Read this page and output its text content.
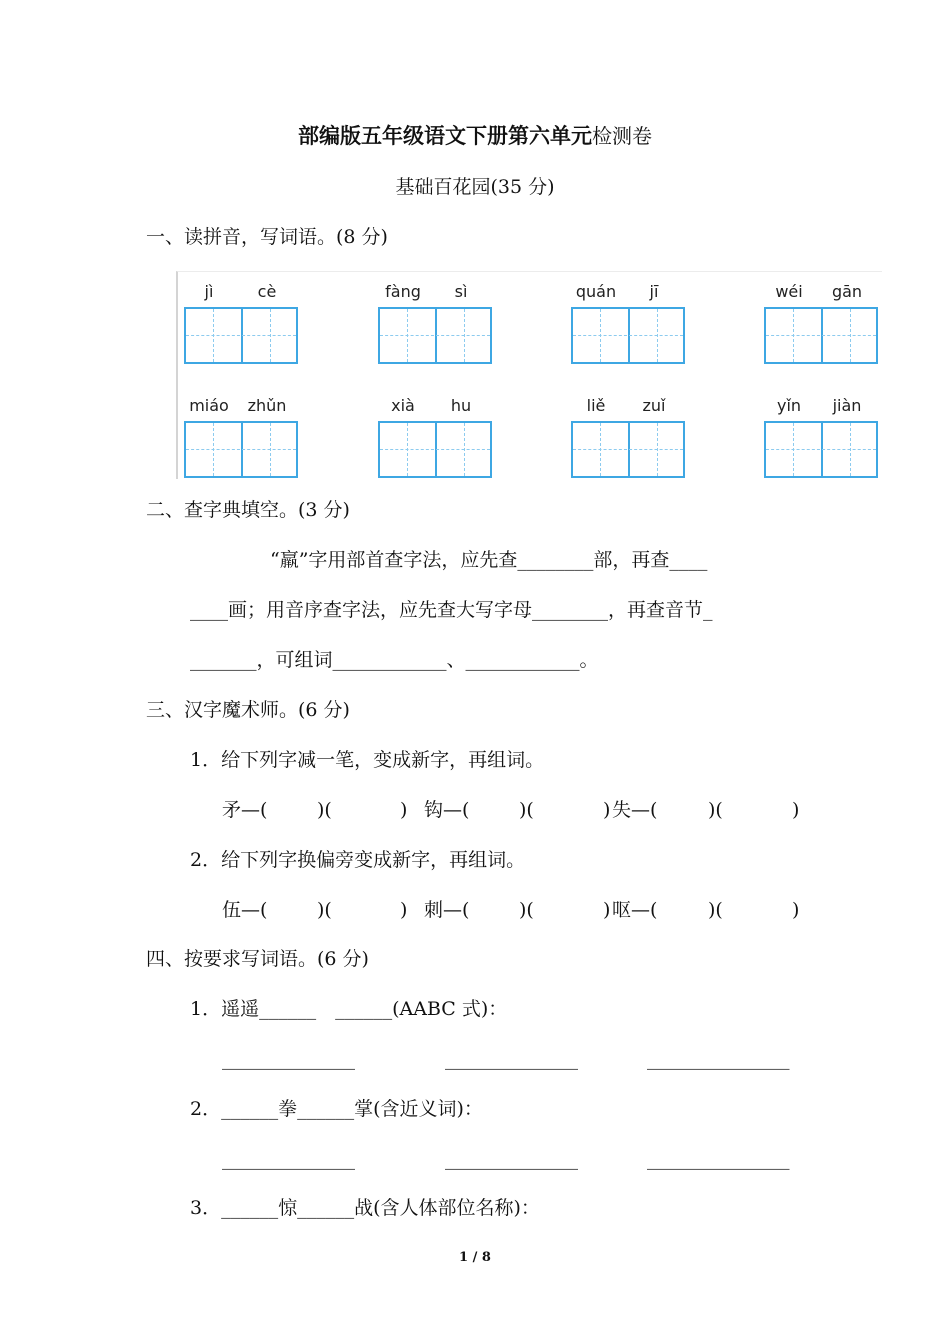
部编版五年级语文下册第六单元检测卷
基础百花园(35 分)
一、读拼音，写词语。(8 分)
jì	cè	fàng	sì	quán	jī	wéi	gān
miáo	zhǔn	xià	hu	liě	zuǐ	yǐn	jiàn
二、查字典填空。(3 分)
“羸”字用部首查字法，应先查________部，再查____
____画；用音序查字法，应先查大写字母________，再查音节_
_______，可组词____________、____________。
三、汉字魔术师。(6 分)
1．给下列字减一笔，变成新字，再组词。
矛—(	)(	) 钩—(	)(	) 失—(	)(	)
2．给下列字换偏旁变成新字，再组词。
伍—(	)(	) 刺—(	)(	) 呕—(	)(	)
四、按要求写词语。(6 分)
1．遥遥______　______(AABC 式)：
______________	______________	_______________
2．______拳______掌(含近义词)：
______________	______________	_______________
3．______惊______战(含人体部位名称)：
1 / 8
